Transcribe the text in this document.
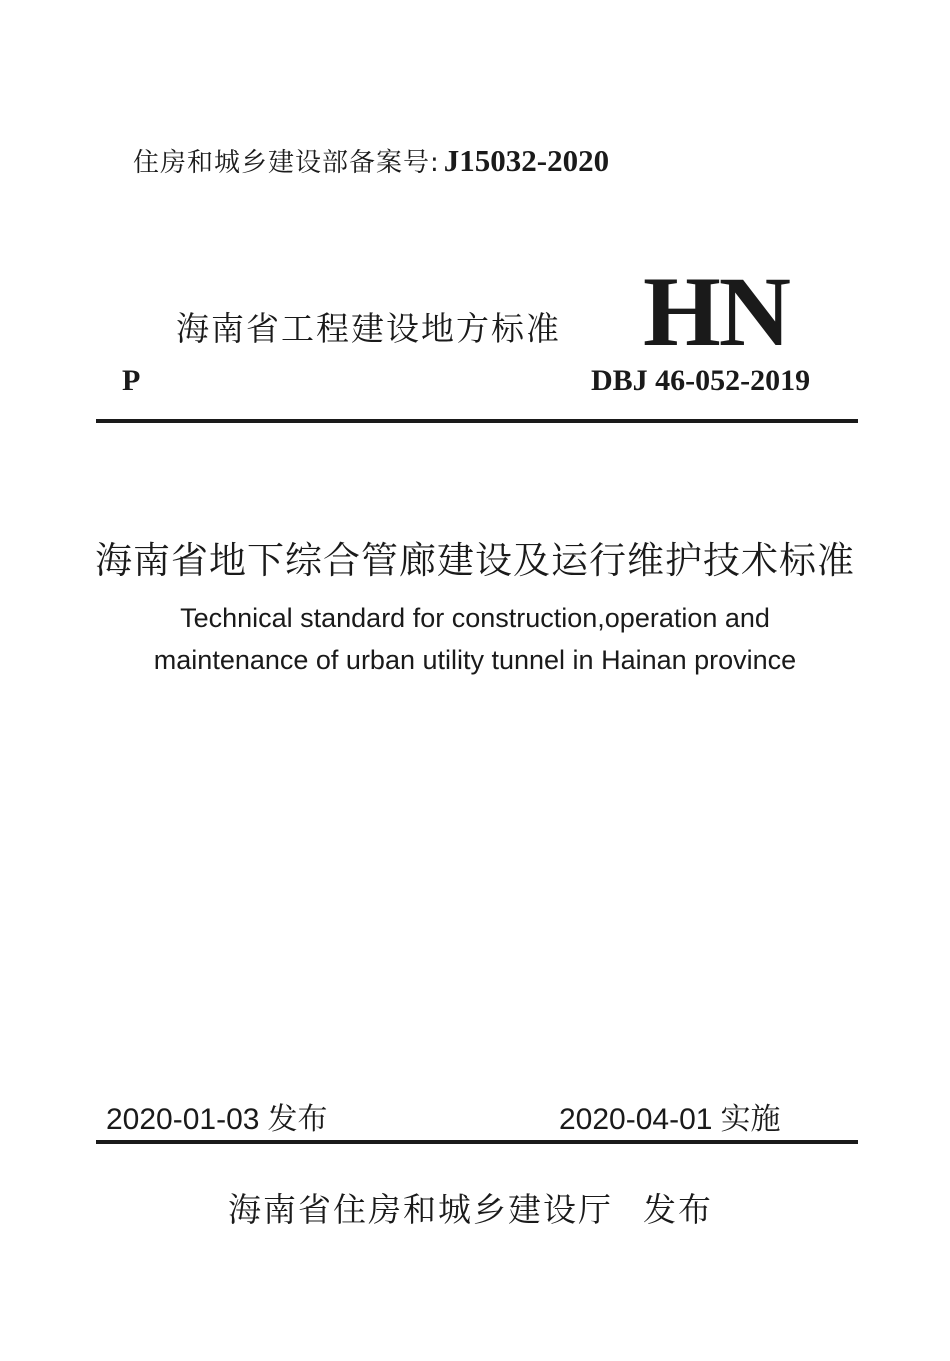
住房和城乡建设部备案号: J15032-2020
海南省工程建设地方标准 HN
P	DBJ 46-052-2019
海南省地下综合管廊建设及运行维护技术标准
Technical standard for construction,operation and
maintenance of urban utility tunnel in Hainan province
2020-01-03 发布	2020-04-01 实施
海南省住房和城乡建设厅 发布
